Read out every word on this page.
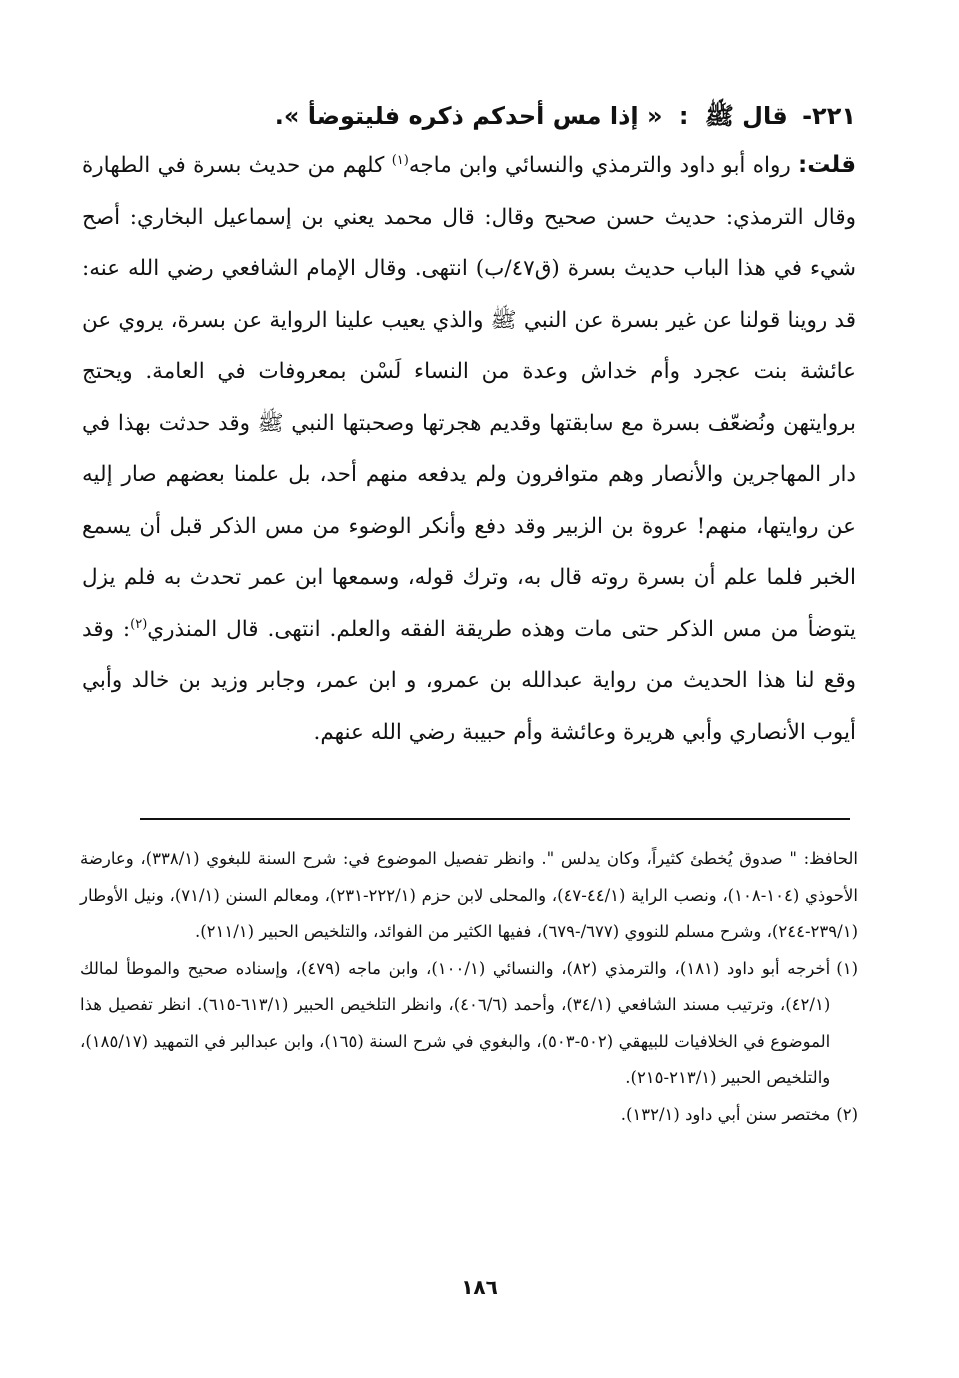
٢٢١- قال ﷺ : « إذا مس أحدكم ذكره فليتوضأ ».

قلت: رواه أبو داود والترمذي والنسائي وابن ماجه$^{(١)}$ كلهم من حديث بسرة في الطهارة وقال الترمذي: حديث حسن صحيح وقال: قال محمد يعني بن إسماعيل البخاري: أصح شيء في هذا الباب حديث بسرة (ق٤٧/ب) انتهى. وقال الإمام الشافعي رضي الله عنه: قد روينا قولنا عن غير بسرة عن النبي ﷺ والذي يعيب علينا الرواية عن بسرة، يروي عن عائشة بنت عجرد وأم خداش وعدة من النساء لَسْن بمعروفات في العامة. ويحتج بروايتهن ونُضعّف بسرة مع سابقتها وقديم هجرتها وصحبتها النبي ﷺ وقد حدثت بهذا في دار المهاجرين والأنصار وهم متوافرون ولم يدفعه منهم أحد، بل علمنا بعضهم صار إليه عن روايتها، منهم! عروة بن الزبير وقد دفع وأنكر الوضوء من مس الذكر قبل أن يسمع الخبر فلما علم أن بسرة روته قال به، وترك قوله، وسمعها ابن عمر تحدث به فلم يزل يتوضأ من مس الذكر حتى مات وهذه طريقة الفقه والعلم. انتهى. قال المنذري$^{(٢)}$: وقد وقع لنا هذا الحديث من رواية عبدالله بن عمرو، و ابن عمر، وجابر وزيد بن خالد وأبي أيوب الأنصاري وأبي هريرة وعائشة وأم حبيبة رضي الله عنهم.

الحافظ: " صدوق يُخطئ كثيراً، وكان يدلس ". وانظر تفصيل الموضوع في: شرح السنة للبغوي (٣٣٨/١)، وعارضة الأحوذي (١٠٤-١٠٨)، ونصب الراية (٤٤/١-٤٧)، والمحلى لابن حزم (٢٢٢/١-٢٣١)، ومعالم السنن (٧١/١)، ونيل الأوطار (٢٣٩/١-٢٤٤)، وشرح مسلم للنووي (٦٧٧/-٦٧٩)، ففيها الكثير من الفوائد، والتلخيص الحبير (٢١١/١).

(١)
أخرجه أبو داود (١٨١)، والترمذي (٨٢)، والنسائي (١٠٠/١)، وابن ماجه (٤٧٩)، وإسناده صحيح والموطأ لمالك (٤٢/١)، وترتيب مسند الشافعي (٣٤/١)، وأحمد (٤٠٦/٦)، وانظر التلخيص الحبير (٦١٣/١-٦١٥). انظر تفصيل هذا الموضوع في الخلافيات للبيهقي (٥٠٢-٥٠٣)، والبغوي في شرح السنة (١٦٥)، وابن عبدالبر في التمهيد (١٨٥/١٧)، والتلخيص الحبير (٢١٣/١-٢١٥).
(٢)
مختصر سنن أبي داود (١٣٢/١).
١٨٦
